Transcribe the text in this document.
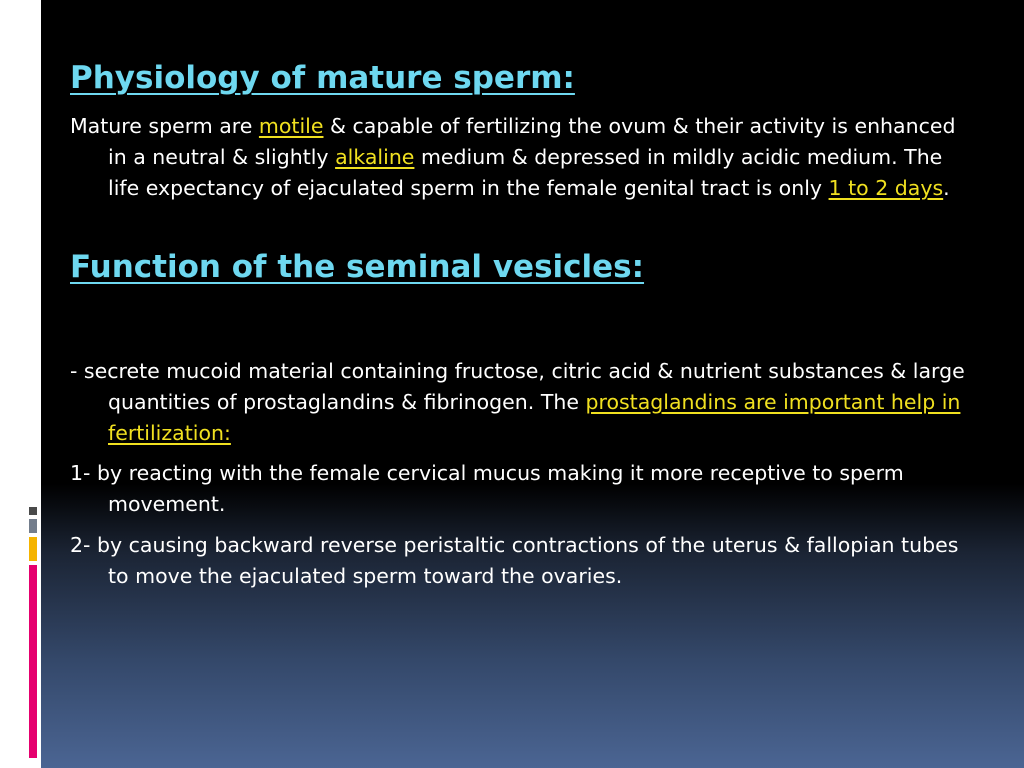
Physiology of mature sperm:
Mature sperm are motile & capable of fertilizing the ovum & their activity is enhanced in a neutral & slightly alkaline medium & depressed in mildly acidic medium. The life expectancy of ejaculated sperm in the female genital tract is only 1 to 2 days.
Function of the seminal vesicles:
- secrete mucoid material containing fructose, citric acid & nutrient substances & large quantities of prostaglandins & fibrinogen. The prostaglandins are important help in fertilization:
1- by reacting with the female cervical mucus making it more receptive to sperm movement.
2- by causing backward reverse peristaltic contractions of the uterus & fallopian tubes to move the ejaculated sperm toward the ovaries.
